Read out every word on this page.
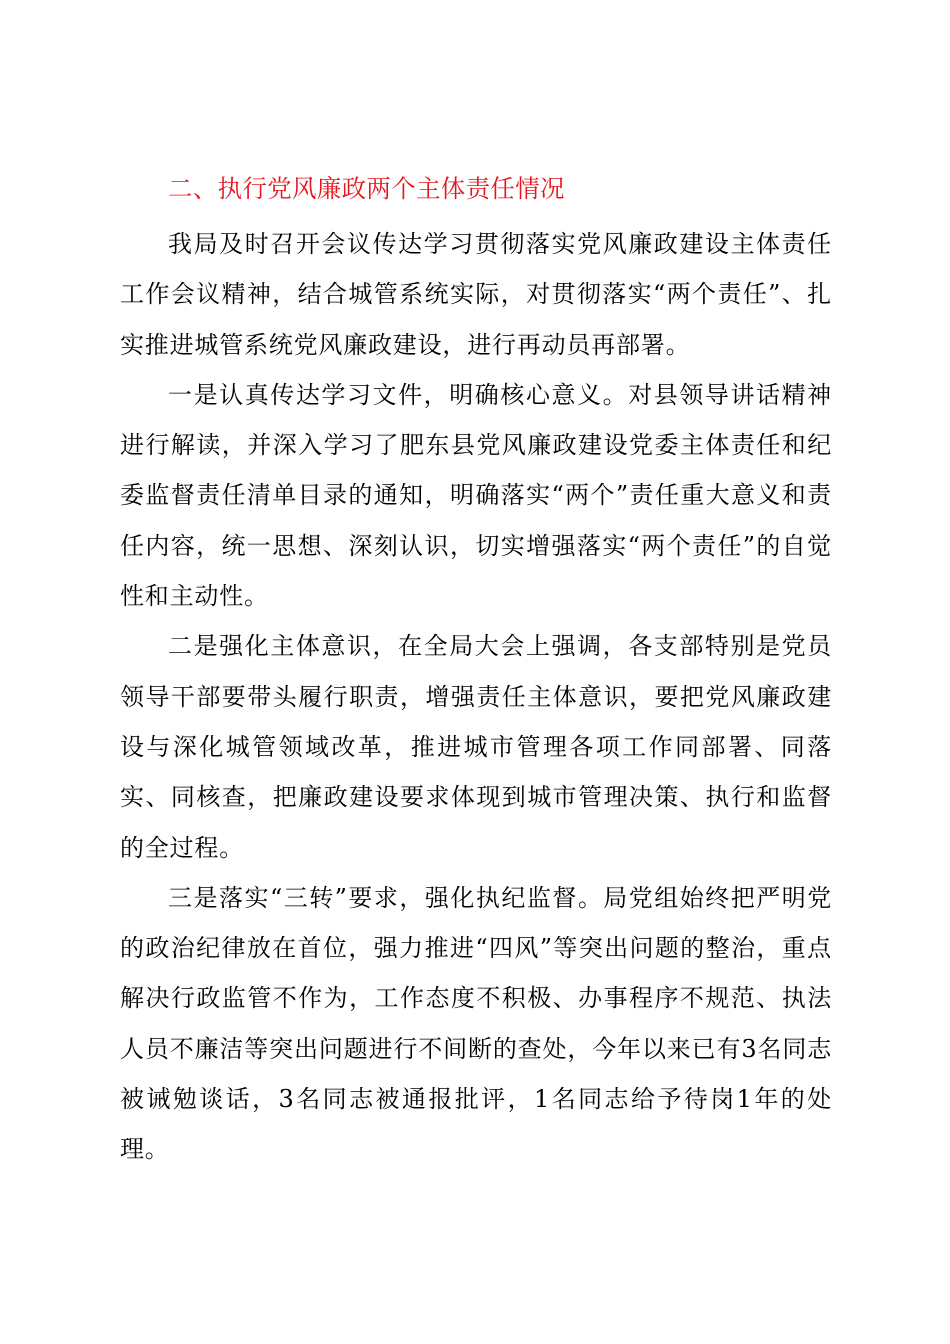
二、执行党风廉政两个主体责任情况

我局及时召开会议传达学习贯彻落实党风廉政建设主体责任工作会议精神，结合城管系统实际，对贯彻落实“两个责任”、扎实推进城管系统党风廉政建设，进行再动员再部署。

一是认真传达学习文件，明确核心意义。对县领导讲话精神进行解读，并深入学习了肥东县党风廉政建设党委主体责任和纪委监督责任清单目录的通知，明确落实“两个”责任重大意义和责任内容，统一思想、深刻认识，切实增强落实“两个责任”的自觉性和主动性。

二是强化主体意识，在全局大会上强调，各支部特别是党员领导干部要带头履行职责，增强责任主体意识，要把党风廉政建设与深化城管领域改革，推进城市管理各项工作同部署、同落实、同核查，把廉政建设要求体现到城市管理决策、执行和监督的全过程。

三是落实“三转”要求，强化执纪监督。局党组始终把严明党的政治纪律放在首位，强力推进“四风”等突出问题的整治，重点解决行政监管不作为，工作态度不积极、办事程序不规范、执法人员不廉洁等突出问题进行不间断的查处，今年以来已有3名同志被诫勉谈话，3名同志被通报批评，1名同志给予待岗1年的处理。
